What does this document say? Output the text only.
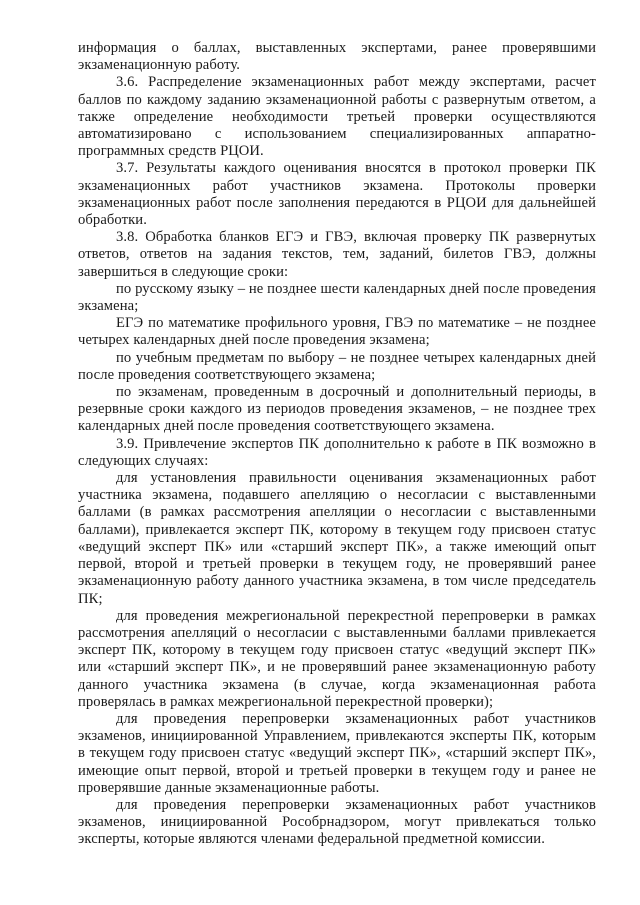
информация о баллах, выставленных экспертами, ранее проверявшими экзаменационную работу.

3.6. Распределение экзаменационных работ между экспертами, расчет баллов по каждому заданию экзаменационной работы с развернутым ответом, а также определение необходимости третьей проверки осуществляются автоматизировано с использованием специализированных аппаратно-программных средств РЦОИ.

3.7. Результаты каждого оценивания вносятся в протокол проверки ПК экзаменационных работ участников экзамена. Протоколы проверки экзаменационных работ после заполнения передаются в РЦОИ для дальнейшей обработки.

3.8. Обработка бланков ЕГЭ и ГВЭ, включая проверку ПК развернутых ответов, ответов на задания текстов, тем, заданий, билетов ГВЭ, должны завершиться в следующие сроки:

по русскому языку – не позднее шести календарных дней после проведения экзамена;

ЕГЭ по математике профильного уровня, ГВЭ по математике – не позднее четырех календарных дней после проведения экзамена;

по учебным предметам по выбору – не позднее четырех календарных дней после проведения соответствующего экзамена;

по экзаменам, проведенным в досрочный и дополнительный периоды, в резервные сроки каждого из периодов проведения экзаменов, – не позднее трех календарных дней после проведения соответствующего экзамена.

3.9. Привлечение экспертов ПК дополнительно к работе в ПК возможно в следующих случаях:

для установления правильности оценивания экзаменационных работ участника экзамена, подавшего апелляцию о несогласии с выставленными баллами (в рамках рассмотрения апелляции о несогласии с выставленными баллами), привлекается эксперт ПК, которому в текущем году присвоен статус «ведущий эксперт ПК» или «старший эксперт ПК», а также имеющий опыт первой, второй и третьей проверки в текущем году, не проверявший ранее экзаменационную работу данного участника экзамена, в том числе председатель ПК;

для проведения межрегиональной перекрестной перепроверки в рамках рассмотрения апелляций о несогласии с выставленными баллами привлекается эксперт ПК, которому в текущем году присвоен статус «ведущий эксперт ПК» или «старший эксперт ПК», и не проверявший ранее экзаменационную работу данного участника экзамена (в случае, когда экзаменационная работа проверялась в рамках межрегиональной перекрестной проверки);

для проведения перепроверки экзаменационных работ участников экзаменов, инициированной Управлением, привлекаются эксперты ПК, которым в текущем году присвоен статус «ведущий эксперт ПК», «старший эксперт ПК», имеющие опыт первой, второй и третьей проверки в текущем году и ранее не проверявшие данные экзаменационные работы.

для проведения перепроверки экзаменационных работ участников экзаменов, инициированной Рособрнадзором, могут привлекаться только эксперты, которые являются членами федеральной предметной комиссии.
